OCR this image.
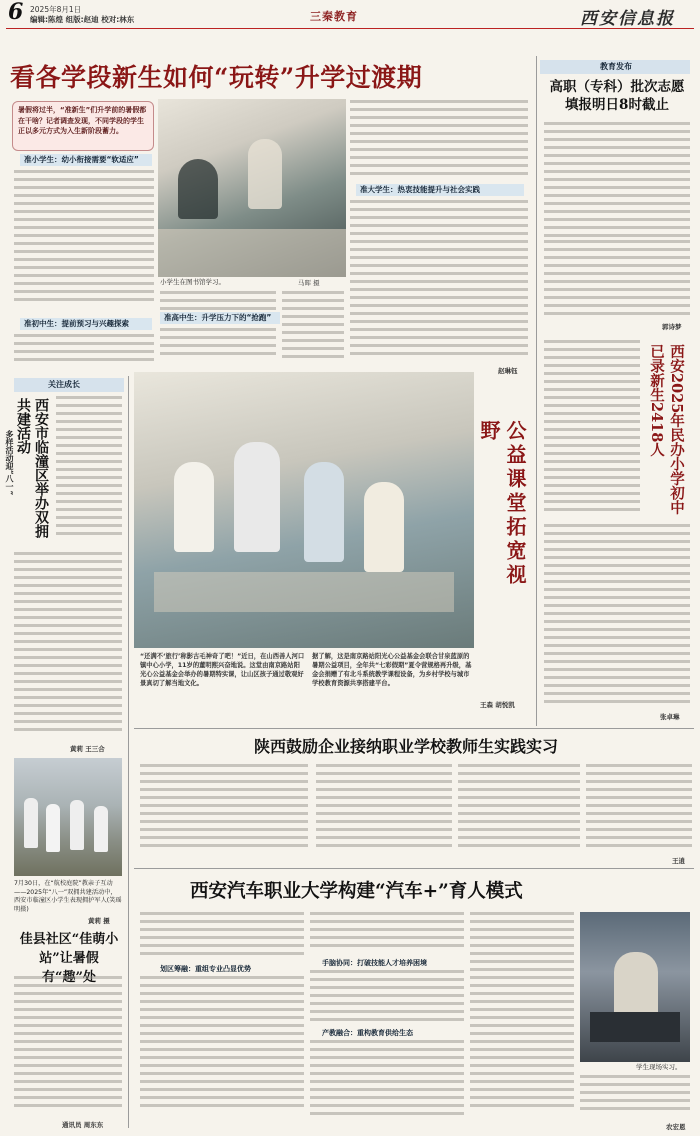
6 2025年8月1日
编辑:陈煌 组版:赵迪 校对:林东	三秦教育	西安信息报
看各学段新生如何“玩转”升学过渡期
暑假将过半，“准新生”们升学前的暑假都在干啥？记者调查发现，不同学段的学生正以多元方式为入生新阶段蓄力。
小学生在图书馆学习。	马晖 摄
准小学生：幼小衔接需要“软适应”
准初中生：提前预习与兴趣探索
准高中生：升学压力下的“抢跑”
准大学生：热衷技能提升与社会实践
赵琳钰
教育发布
高职（专科）批次志愿填报明日8时截止
郭诗梦
西安2025年民办小学初中已录新生2418人
张卓琳
关注成长
西安市临潼区举办双拥共建活动
多样活动迎“八一”
黄莉 王三合
7月30日，在“航校庭院”教亲子互动——2025年“八一”双拥共建活动中，西安市临潼区小学生表现拥护军人(笑瑶明摄)
黄莉 摄
佳县社区“佳萌小站”让暑假有“趣”处
通讯员 周东东
公益课堂拓宽视野
“还满不‘旅行’称影古毛神奇了吧！”近日，在山西善人河口镇中心小学，11岁的董明熙兴奋地说。这堂由南京路站阳光心公益基金会举办的暑期特实课，让山区孩子通过敬观好景真切了解当地文化。
据了解，这是南京路站阳光心公益基金会联合甘泉蓝原的暑期公益项目，全年共“七彩假期”夏令营规格再升级，基金会捐赠了有北斗系统教学课程设备，为乡村学校与城市学校教育资源共享搭建平台。
王森 胡悦凯
陕西鼓励企业接纳职业学校教师生实践实习
王逍
西安汽车职业大学构建“汽车+”育人模式
划区筹融：重组专业凸显优势
手脑协同：打破技能人才培养困境
产教融合：重构教育供给生态
学生现场实习。
农宏恩
